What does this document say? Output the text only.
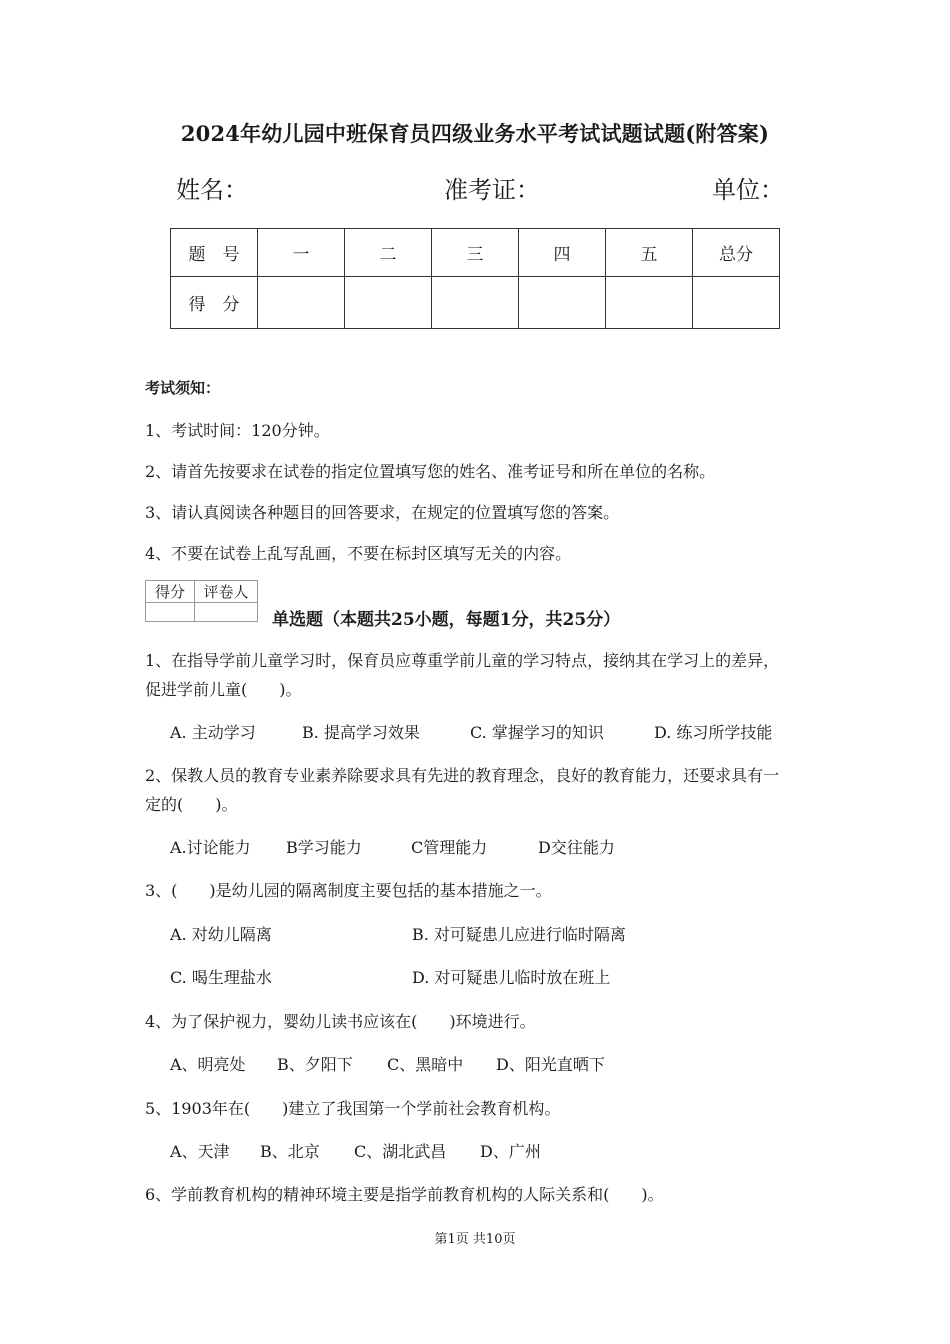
2024年幼儿园中班保育员四级业务水平考试试题试题(附答案)
姓名：	准考证：	单位：
题　号	一	二	三	四	五	总分
得　分						
考试须知：
1、考试时间：120分钟。
2、请首先按要求在试卷的指定位置填写您的姓名、准考证号和所在单位的名称。
3、请认真阅读各种题目的回答要求，在规定的位置填写您的答案。
4、不要在试卷上乱写乱画，不要在标封区填写无关的内容。
得分	评卷人

单选题（本题共25小题，每题1分，共25分）
1、在指导学前儿童学习时，保育员应尊重学前儿童的学习特点，接纳其在学习上的差异，
促进学前儿童(　　)。
A. 主动学习	B. 提高学习效果	C. 掌握学习的知识	D. 练习所学技能
2、保教人员的教育专业素养除要求具有先进的教育理念，良好的教育能力，还要求具有一
定的(　　)。
A.讨论能力 B学习能力	C管理能力	D交往能力
3、(　　)是幼儿园的隔离制度主要包括的基本措施之一。
A. 对幼儿隔离	B. 对可疑患儿应进行临时隔离
C. 喝生理盐水	D. 对可疑患儿临时放在班上
4、为了保护视力，婴幼儿读书应该在(　　)环境进行。
A、明亮处 B、夕阳下 C、黑暗中 D、阳光直晒下
5、1903年在(　　)建立了我国第一个学前社会教育机构。
A、天津 B、北京 C、湖北武昌 D、广州
6、学前教育机构的精神环境主要是指学前教育机构的人际关系和(　　)。
第1页 共10页
